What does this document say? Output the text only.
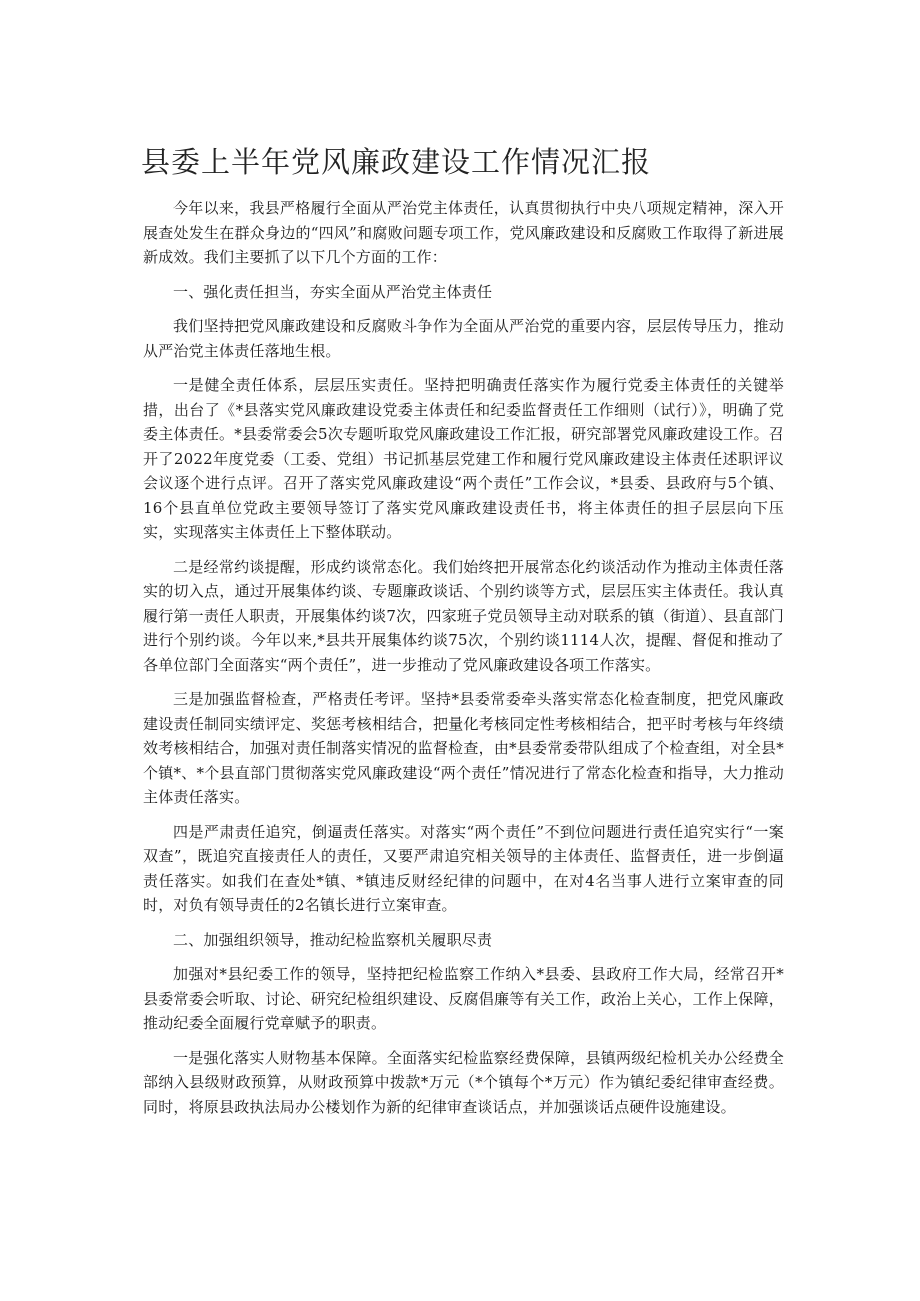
县委上半年党风廉政建设工作情况汇报

今年以来，我县严格履行全面从严治党主体责任，认真贯彻执行中央八项规定精神，深入开展查处发生在群众身边的“四风”和腐败问题专项工作，党风廉政建设和反腐败工作取得了新进展新成效。我们主要抓了以下几个方面的工作：

一、强化责任担当，夯实全面从严治党主体责任

我们坚持把党风廉政建设和反腐败斗争作为全面从严治党的重要内容，层层传导压力，推动从严治党主体责任落地生根。

一是健全责任体系，层层压实责任。坚持把明确责任落实作为履行党委主体责任的关键举措，出台了《*县落实党风廉政建设党委主体责任和纪委监督责任工作细则（试行）》，明确了党委主体责任。*县委常委会5次专题听取党风廉政建设工作汇报，研究部署党风廉政建设工作。召开了2022年度党委（工委、党组）书记抓基层党建工作和履行党风廉政建设主体责任述职评议会议逐个进行点评。召开了落实党风廉政建设“两个责任”工作会议，*县委、县政府与5个镇、16个县直单位党政主要领导签订了落实党风廉政建设责任书，将主体责任的担子层层向下压实，实现落实主体责任上下整体联动。

二是经常约谈提醒，形成约谈常态化。我们始终把开展常态化约谈活动作为推动主体责任落实的切入点，通过开展集体约谈、专题廉政谈话、个别约谈等方式，层层压实主体责任。我认真履行第一责任人职责，开展集体约谈7次，四家班子党员领导主动对联系的镇（街道）、县直部门进行个别约谈。今年以来,*县共开展集体约谈75次，个别约谈1114人次，提醒、督促和推动了各单位部门全面落实“两个责任”，进一步推动了党风廉政建设各项工作落实。

三是加强监督检查，严格责任考评。坚持*县委常委牵头落实常态化检查制度，把党风廉政建设责任制同实绩评定、奖惩考核相结合，把量化考核同定性考核相结合，把平时考核与年终绩效考核相结合，加强对责任制落实情况的监督检查，由*县委常委带队组成了个检查组，对全县*个镇*、*个县直部门贯彻落实党风廉政建设“两个责任”情况进行了常态化检查和指导，大力推动主体责任落实。

四是严肃责任追究，倒逼责任落实。对落实“两个责任”不到位问题进行责任追究实行“一案双查”，既追究直接责任人的责任，又要严肃追究相关领导的主体责任、监督责任，进一步倒逼责任落实。如我们在查处*镇、*镇违反财经纪律的问题中，在对4名当事人进行立案审查的同时，对负有领导责任的2名镇长进行立案审查。

二、加强组织领导，推动纪检监察机关履职尽责

加强对*县纪委工作的领导，坚持把纪检监察工作纳入*县委、县政府工作大局，经常召开*县委常委会听取、讨论、研究纪检组织建设、反腐倡廉等有关工作，政治上关心，工作上保障，推动纪委全面履行党章赋予的职责。

一是强化落实人财物基本保障。全面落实纪检监察经费保障，县镇两级纪检机关办公经费全部纳入县级财政预算，从财政预算中拨款*万元（*个镇每个*万元）作为镇纪委纪律审查经费。同时，将原县政执法局办公楼划作为新的纪律审查谈话点，并加强谈话点硬件设施建设。
